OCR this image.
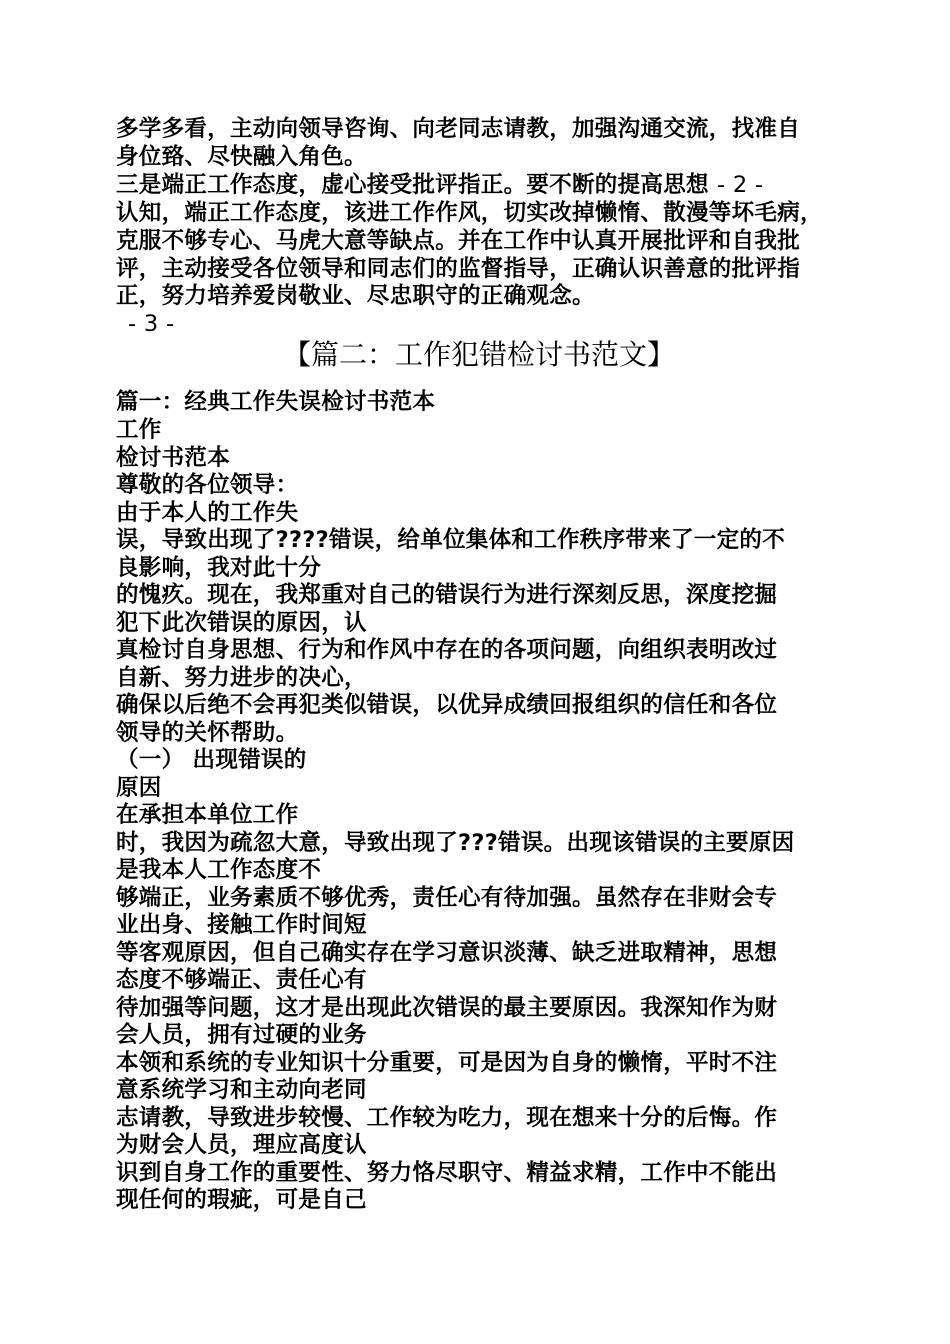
多学多看，主动向领导咨询、向老同志请教，加强沟通交流，找准自
身位臵、尽快融入角色。
三是端正工作态度，虚心接受批评指正。要不断的提高思想 - 2 -
认知，端正工作态度，该进工作作风，切实改掉懒惰、散漫等坏毛病，
克服不够专心、马虎大意等缺点。并在工作中认真开展批评和自我批
评，主动接受各位领导和同志们的监督指导，正确认识善意的批评指
正，努力培养爱岗敬业、尽忠职守的正确观念。
- 3 -
【篇二：工作犯错检讨书范文】
篇一：经典工作失误检讨书范本
工作
检讨书范本
尊敬的各位领导：
由于本人的工作失
误，导致出现了????错误，给单位集体和工作秩序带来了一定的不
良影响，我对此十分
的愧疚。现在，我郑重对自己的错误行为进行深刻反思，深度挖掘
犯下此次错误的原因，认
真检讨自身思想、行为和作风中存在的各项问题，向组织表明改过
自新、努力进步的决心，
确保以后绝不会再犯类似错误，以优异成绩回报组织的信任和各位
领导的关怀帮助。
（一） 出现错误的
原因
在承担本单位工作
时，我因为疏忽大意，导致出现了???错误。出现该错误的主要原因
是我本人工作态度不
够端正，业务素质不够优秀，责任心有待加强。虽然存在非财会专
业出身、接触工作时间短
等客观原因，但自己确实存在学习意识淡薄、缺乏进取精神，思想
态度不够端正、责任心有
待加强等问题，这才是出现此次错误的最主要原因。我深知作为财
会人员，拥有过硬的业务
本领和系统的专业知识十分重要，可是因为自身的懒惰，平时不注
意系统学习和主动向老同
志请教，导致进步较慢、工作较为吃力，现在想来十分的后悔。作
为财会人员，理应高度认
识到自身工作的重要性、努力恪尽职守、精益求精，工作中不能出
现任何的瑕疵，可是自己
